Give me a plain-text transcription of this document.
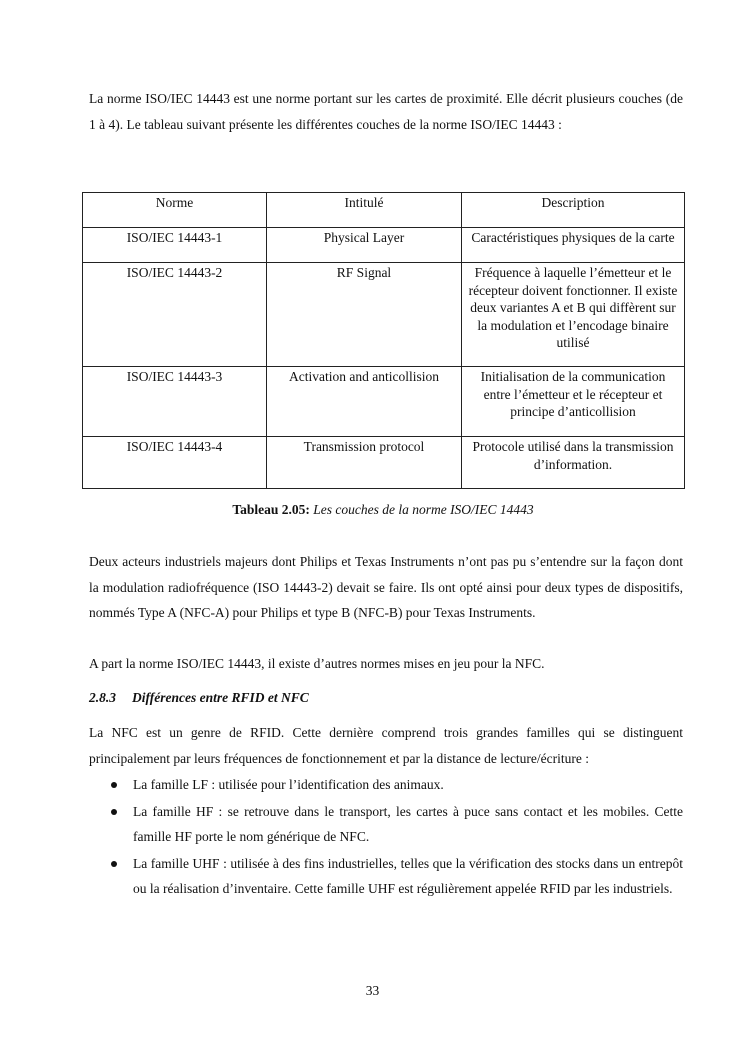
La norme ISO/IEC 14443 est une norme portant sur les cartes de proximité. Elle décrit plusieurs couches (de 1 à 4). Le tableau suivant présente les différentes couches de la norme ISO/IEC 14443 :

Norme	Intitulé	Description
ISO/IEC 14443-1	Physical Layer	Caractéristiques physiques de la carte
ISO/IEC 14443-2	RF Signal	Fréquence à laquelle l’émetteur et le récepteur doivent fonctionner. Il existe deux variantes A et B qui diffèrent sur la modulation et l’encodage binaire utilisé
ISO/IEC 14443-3	Activation and anticollision	Initialisation de la communication entre l’émetteur et le récepteur et principe d’anticollision
ISO/IEC 14443-4	Transmission protocol	Protocole utilisé dans la transmission d’information.
Tableau 2.05: Les couches de la norme ISO/IEC 14443

Deux acteurs industriels majeurs dont Philips et Texas Instruments n’ont pas pu s’entendre sur la façon dont la modulation radiofréquence (ISO 14443-2) devait se faire. Ils ont opté ainsi pour deux types de dispositifs, nommés Type A (NFC-A) pour Philips et type B (NFC-B) pour Texas Instruments.

A part la norme ISO/IEC 14443, il existe d’autres normes mises en jeu pour la NFC.

2.8.3 Différences entre RFID et NFC

La NFC est un genre de RFID. Cette dernière comprend trois grandes familles qui se distinguent principalement par leurs fréquences de fonctionnement et par la distance de lecture/écriture :

La famille LF : utilisée pour l’identification des animaux.
La famille HF : se retrouve dans le transport, les cartes à puce sans contact et les mobiles. Cette famille HF porte le nom générique de NFC.
La famille UHF : utilisée à des fins industrielles, telles que la vérification des stocks dans un entrepôt ou la réalisation d’inventaire. Cette famille UHF est régulièrement appelée RFID par les industriels.
33
